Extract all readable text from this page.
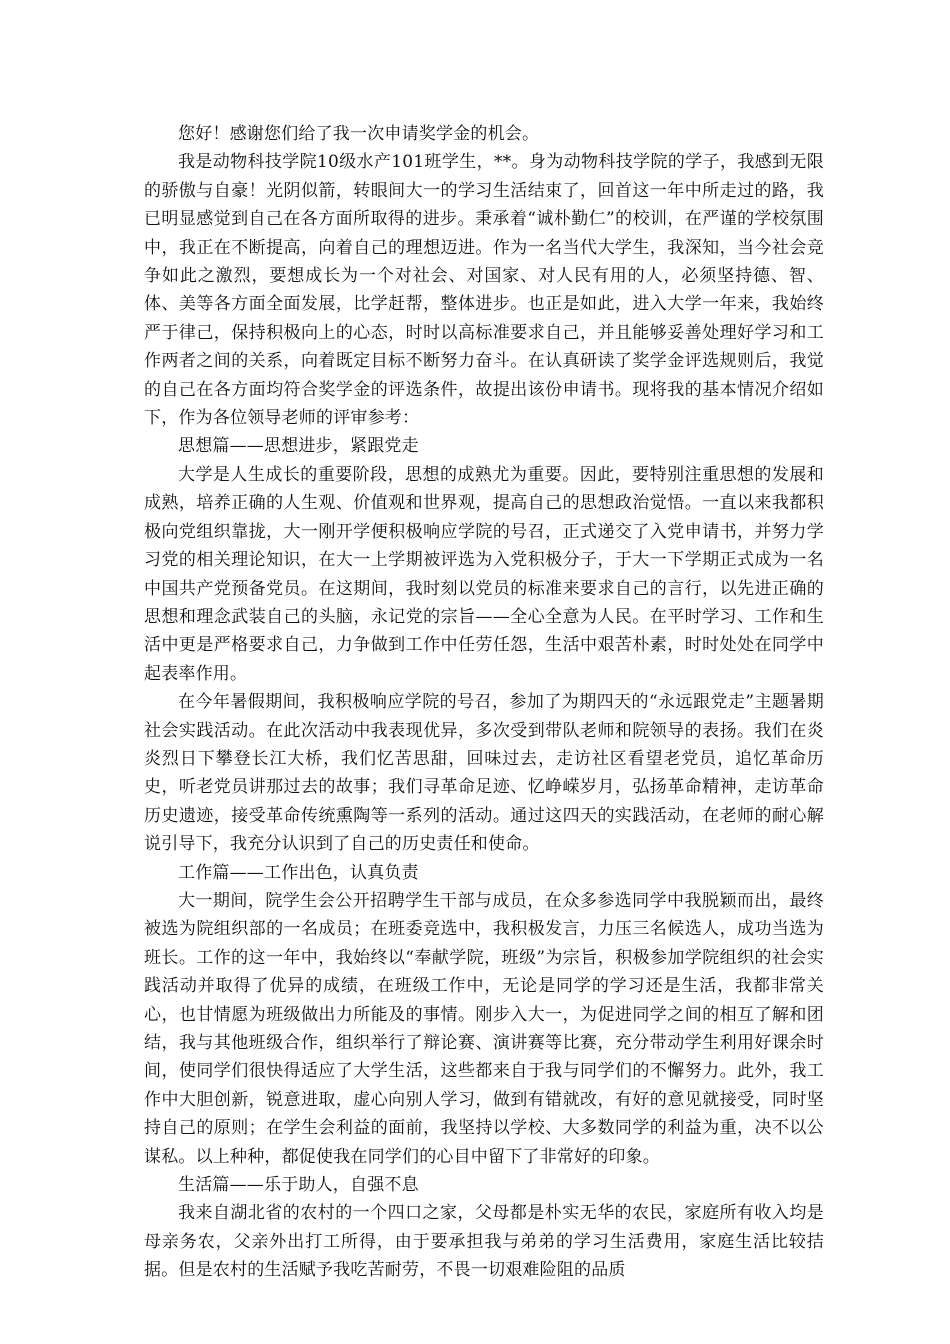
您好！感谢您们给了我一次申请奖学金的机会。

我是动物科技学院10级水产101班学生，**。身为动物科技学院的学子，我感到无限的骄傲与自豪！光阴似箭，转眼间大一的学习生活结束了，回首这一年中所走过的路，我已明显感觉到自己在各方面所取得的进步。秉承着“诚朴勤仁”的校训，在严谨的学校氛围中，我正在不断提高，向着自己的理想迈进。作为一名当代大学生，我深知，当今社会竞争如此之激烈，要想成长为一个对社会、对国家、对人民有用的人，必须坚持德、智、体、美等各方面全面发展，比学赶帮，整体进步。也正是如此，进入大学一年来，我始终严于律己，保持积极向上的心态，时时以高标准要求自己，并且能够妥善处理好学习和工作两者之间的关系，向着既定目标不断努力奋斗。在认真研读了奖学金评选规则后，我觉的自己在各方面均符合奖学金的评选条件，故提出该份申请书。现将我的基本情况介绍如下，作为各位领导老师的评审参考：

思想篇——思想进步，紧跟党走

大学是人生成长的重要阶段，思想的成熟尤为重要。因此，要特别注重思想的发展和成熟，培养正确的人生观、价值观和世界观，提高自己的思想政治觉悟。一直以来我都积极向党组织靠拢，大一刚开学便积极响应学院的号召，正式递交了入党申请书，并努力学习党的相关理论知识，在大一上学期被评选为入党积极分子，于大一下学期正式成为一名中国共产党预备党员。在这期间，我时刻以党员的标准来要求自己的言行，以先进正确的思想和理念武装自己的头脑，永记党的宗旨——全心全意为人民。在平时学习、工作和生活中更是严格要求自己，力争做到工作中任劳任怨，生活中艰苦朴素，时时处处在同学中起表率作用。

在今年暑假期间，我积极响应学院的号召，参加了为期四天的“永远跟党走”主题暑期社会实践活动。在此次活动中我表现优异，多次受到带队老师和院领导的表扬。我们在炎炎烈日下攀登长江大桥，我们忆苦思甜，回味过去，走访社区看望老党员，追忆革命历史，听老党员讲那过去的故事；我们寻革命足迹、忆峥嵘岁月，弘扬革命精神，走访革命历史遗迹，接受革命传统熏陶等一系列的活动。通过这四天的实践活动，在老师的耐心解说引导下，我充分认识到了自己的历史责任和使命。

工作篇——工作出色，认真负责

大一期间，院学生会公开招聘学生干部与成员，在众多参选同学中我脱颖而出，最终被选为院组织部的一名成员；在班委竞选中，我积极发言，力压三名候选人，成功当选为班长。工作的这一年中，我始终以“奉献学院，班级”为宗旨，积极参加学院组织的社会实践活动并取得了优异的成绩，在班级工作中，无论是同学的学习还是生活，我都非常关心，也甘情愿为班级做出力所能及的事情。刚步入大一，为促进同学之间的相互了解和团结，我与其他班级合作，组织举行了辩论赛、演讲赛等比赛，充分带动学生利用好课余时间，使同学们很快得适应了大学生活，这些都来自于我与同学们的不懈努力。此外，我工作中大胆创新，锐意进取，虚心向别人学习，做到有错就改，有好的意见就接受，同时坚持自己的原则；在学生会利益的面前，我坚持以学校、大多数同学的利益为重，决不以公谋私。以上种种，都促使我在同学们的心目中留下了非常好的印象。

生活篇——乐于助人，自强不息

我来自湖北省的农村的一个四口之家，父母都是朴实无华的农民，家庭所有收入均是母亲务农，父亲外出打工所得，由于要承担我与弟弟的学习生活费用，家庭生活比较拮据。但是农村的生活赋予我吃苦耐劳，不畏一切艰难险阻的品质
